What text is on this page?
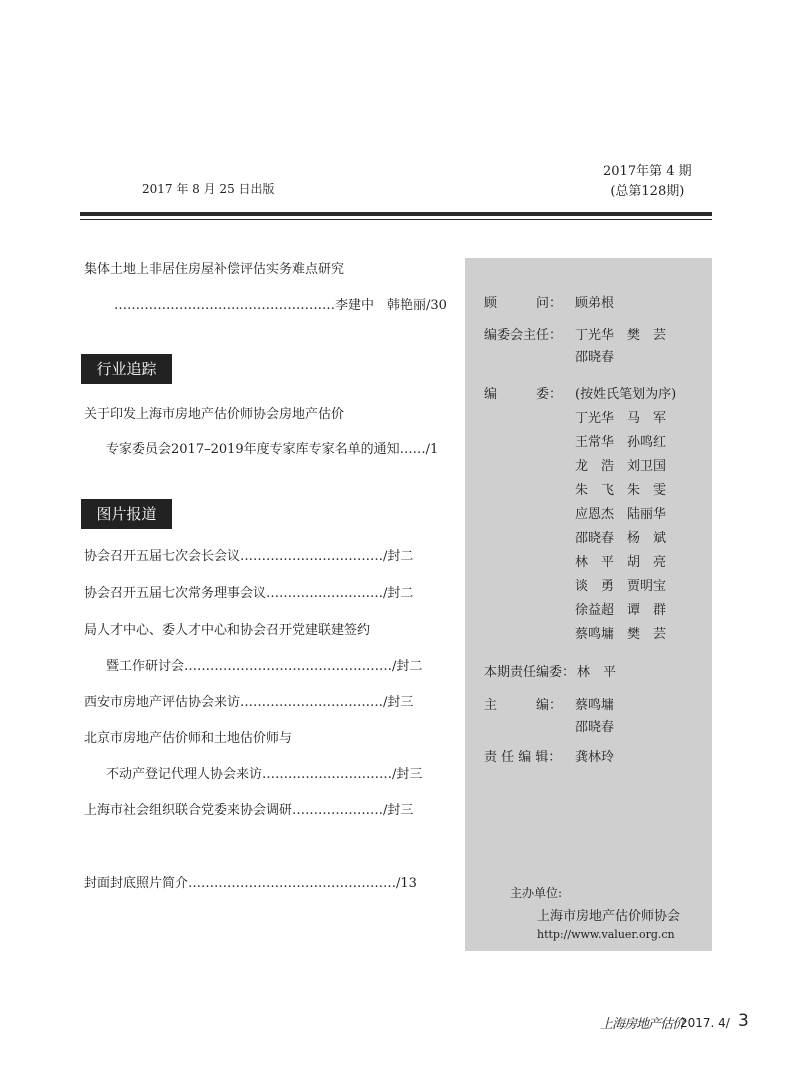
2017 年 8 月 25 日出版
2017年第 4 期
(总第128期)
集体土地上非居住房屋补偿评估实务难点研究
……………………………………………李建中　韩艳丽/30
行业追踪
关于印发上海市房地产估价师协会房地产估价
专家委员会2017–2019年度专家库专家名单的通知……/1
图片报道
协会召开五届七次会长会议……………………………/封二
协会召开五届七次常务理事会议………………………/封二
局人才中心、委人才中心和协会召开党建联建签约
暨工作研讨会…………………………………………/封二
西安市房地产评估协会来访……………………………/封三
北京市房地产估价师和土地估价师与
不动产登记代理人协会来访…………………………/封三
上海市社会组织联合党委来协会调研…………………/封三
封面封底照片简介…………………………………………/13
顾　　　问： 顾弟根
编委会主任： 丁光华　樊　芸
邵晓春
编　　　委： (按姓氏笔划为序)
丁光华　马　军
王常华　孙鸣红
龙　浩　刘卫国
朱　飞　朱　雯
应恩杰　陆丽华
邵晓春　杨　斌
林　平　胡　亮
谈　勇　贾明宝
徐益超　谭　群
蔡鸣墉　樊　芸
本期责任编委： 林　平
主　　　编： 蔡鸣墉
邵晓春
责 任 编 辑： 龚林玲
主办单位:
上海市房地产估价师协会
http://www.valuer.org.cn
上海房地产估价
2017. 4/ 3
